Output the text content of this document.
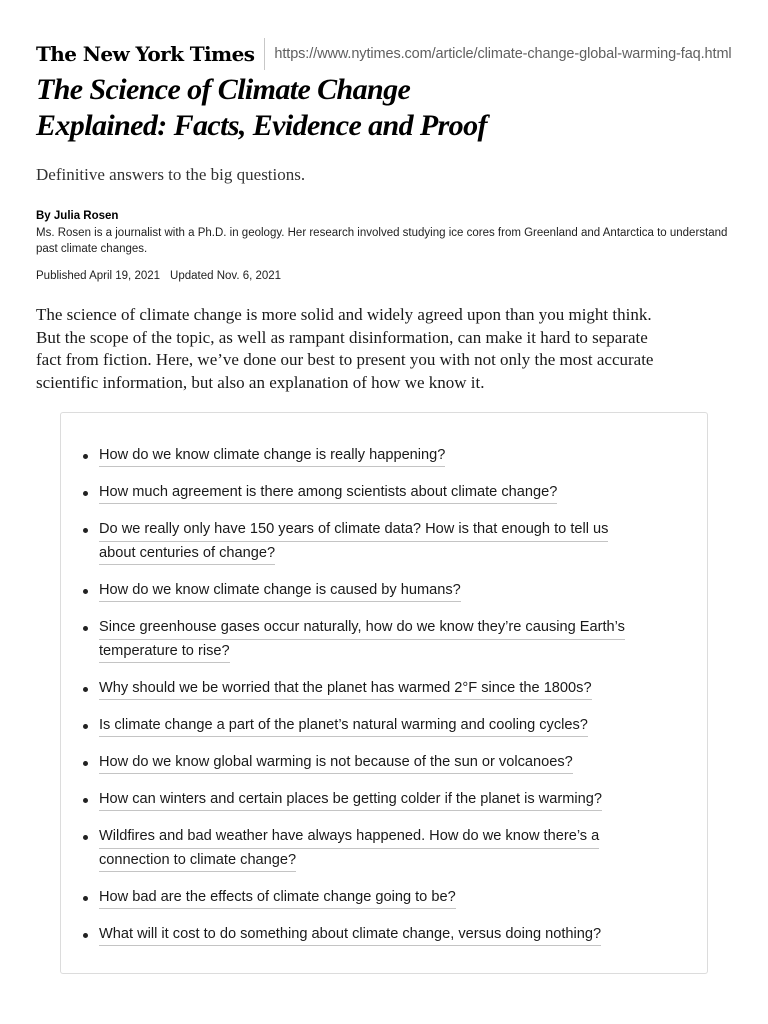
The New York Times	https://www.nytimes.com/article/climate-change-global-warming-faq.html
The Science of Climate Change
Explained: Facts, Evidence and Proof

Definitive answers to the big questions.

By Julia Rosen

Ms. Rosen is a journalist with a Ph.D. in geology. Her research involved studying ice cores from Greenland and Antarctica to understand past climate changes.

Published April 19, 2021 Updated Nov. 6, 2021

The science of climate change is more solid and widely agreed upon than you might think.
But the scope of the topic, as well as rampant disinformation, can make it hard to separate
fact from fiction. Here, we’ve done our best to present you with not only the most accurate
scientific information, but also an explanation of how we know it.

How do we know climate change is really happening?
How much agreement is there among scientists about climate change?
Do we really only have 150 years of climate data? How is that enough to tell us
about centuries of change?
How do we know climate change is caused by humans?
Since greenhouse gases occur naturally, how do we know they’re causing Earth’s
temperature to rise?
Why should we be worried that the planet has warmed 2°F since the 1800s?
Is climate change a part of the planet’s natural warming and cooling cycles?
How do we know global warming is not because of the sun or volcanoes?
How can winters and certain places be getting colder if the planet is warming?
Wildfires and bad weather have always happened. How do we know there’s a
connection to climate change?
How bad are the effects of climate change going to be?
What will it cost to do something about climate change, versus doing nothing?
